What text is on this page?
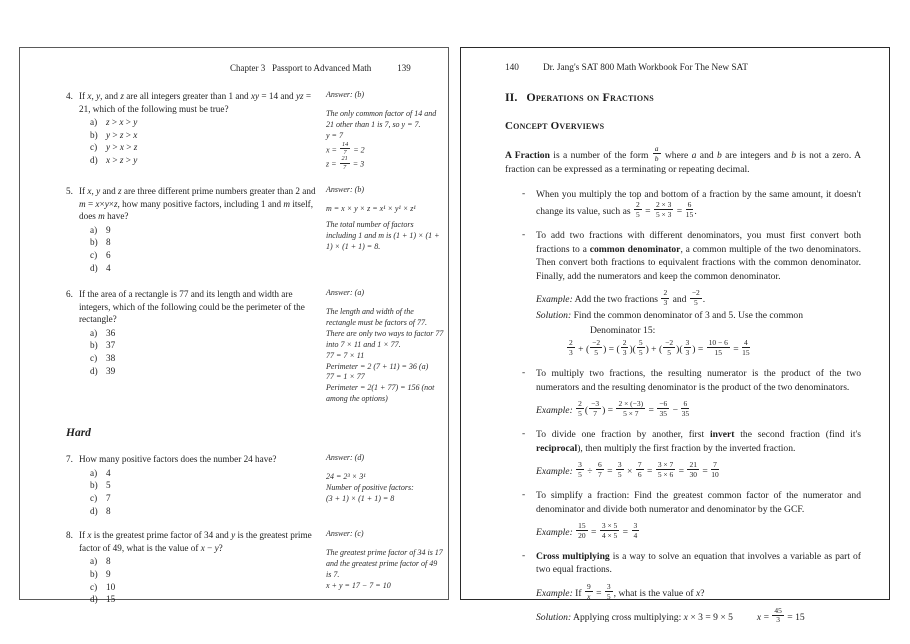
Chapter 3   Passport to Advanced Math	139
4. If x, y, and z are all integers greater than 1 and xy = 14 and yz = 21, which of the following must be true?
a) z > x > y
b) y > z > x
c) y > x > z
d) x > z > y
Answer: (b)
The only common factor of 14 and 21 other than 1 is 7, so y = 7.
y = 7
$x = \frac{14}{7} = 2$
$z = \frac{21}{7} = 3$
5. If x, y and z are three different prime numbers greater than 2 and m = x×y×z, how many positive factors, including 1 and m itself, does m have?
a) 9
b) 8
c) 6
d) 4
Answer: (b)
m = x × y × z = x¹ × y¹ × z¹
The total number of factors including 1 and m is (1 + 1) × (1 + 1) × (1 + 1) = 8.
6. If the area of a rectangle is 77 and its length and width are integers, which of the following could be the perimeter of the rectangle?
a) 36
b) 37
c) 38
d) 39
Answer: (a)
The length and width of the rectangle must be factors of 77. There are only two ways to factor 77 into 7 × 11 and 1 × 77.
77 = 7 × 11
Perimeter = 2 (7 + 11) = 36 (a)
77 = 1 × 77
Perimeter = 2(1 + 77) = 156 (not among the options)
Hard
7. How many positive factors does the number 24 have?
a) 4
b) 5
c) 7
d) 8
Answer: (d)
24 = 2³ × 3¹
Number of positive factors:
(3 + 1) × (1 + 1) = 8
8. If x is the greatest prime factor of 34 and y is the greatest prime factor of 49, what is the value of x − y?
a) 8
b) 9
c) 10
d) 15
Answer: (c)
The greatest prime factor of 34 is 17 and the greatest prime factor of 49 is 7.
x + y = 17 − 7 = 10
140	Dr. Jang's SAT 800 Math Workbook For The New SAT
II. Operations on Fractions
Concept Overviews
A Fraction is a number of the form $\frac{a}{b}$ where a and b are integers and b is not a zero. A fraction can be expressed as a terminating or repeating decimal.
-	When you multiply the top and bottom of a fraction by the same amount, it doesn't change its value, such as $\frac{2}{5} = \frac{2 \times 3}{5 \times 3} = \frac{6}{15}$ .
-	To add two fractions with different denominators, you must first convert both fractions to a common denominator, a common multiple of the two denominators. Then convert both fractions to equivalent fractions with the common denominator. Finally, add the numerators and keep the common denominator.
Example: Add the two fractions $\frac{2}{3}$ and $\frac{-2}{5}$ .
Solution: Find the common denominator of 3 and 5. Use the common
Denominator 15:
$\frac{2}{3}$ + ( $\frac{-2}{5}$ ) = ( $\frac{2}{3}$ )( $\frac{5}{5}$ ) + ( $\frac{-2}{5}$ )( $\frac{3}{3}$ ) = $\frac{10 - 6}{15} = \frac{4}{15}$
-	To multiply two fractions, the resulting numerator is the product of the two numerators and the resulting denominator is the product of the two denominators.
Example: $\frac{2}{5}$ ( $\frac{-3}{7}$ ) = $\frac{2 \times (-3)}{5 \times 7} = \frac{-6}{35} - \frac{6}{35}$
-	To divide one fraction by another, first invert the second fraction (find it's reciprocal), then multiply the first fraction by the inverted fraction.
Example: $\frac{3}{5} \div \frac{6}{7} = \frac{3}{5} \times \frac{7}{6} = \frac{3 \times 7}{5 \times 6} = \frac{21}{30} = \frac{7}{10}$
-	To simplify a fraction: Find the greatest common factor of the numerator and denominator and divide both numerator and denominator by the GCF.
Example: $\frac{15}{20} = \frac{3 \times 5}{4 \times 5} = \frac{3}{4}$
-	Cross multiplying is a way to solve an equation that involves a variable as part of two equal fractions.
Example: If $\frac{9}{x} = \frac{3}{5}$ , what is the value of x?
Solution: Applying cross multiplying: x × 3 = 9 × 5          $x = \frac{45}{3} = 15$
